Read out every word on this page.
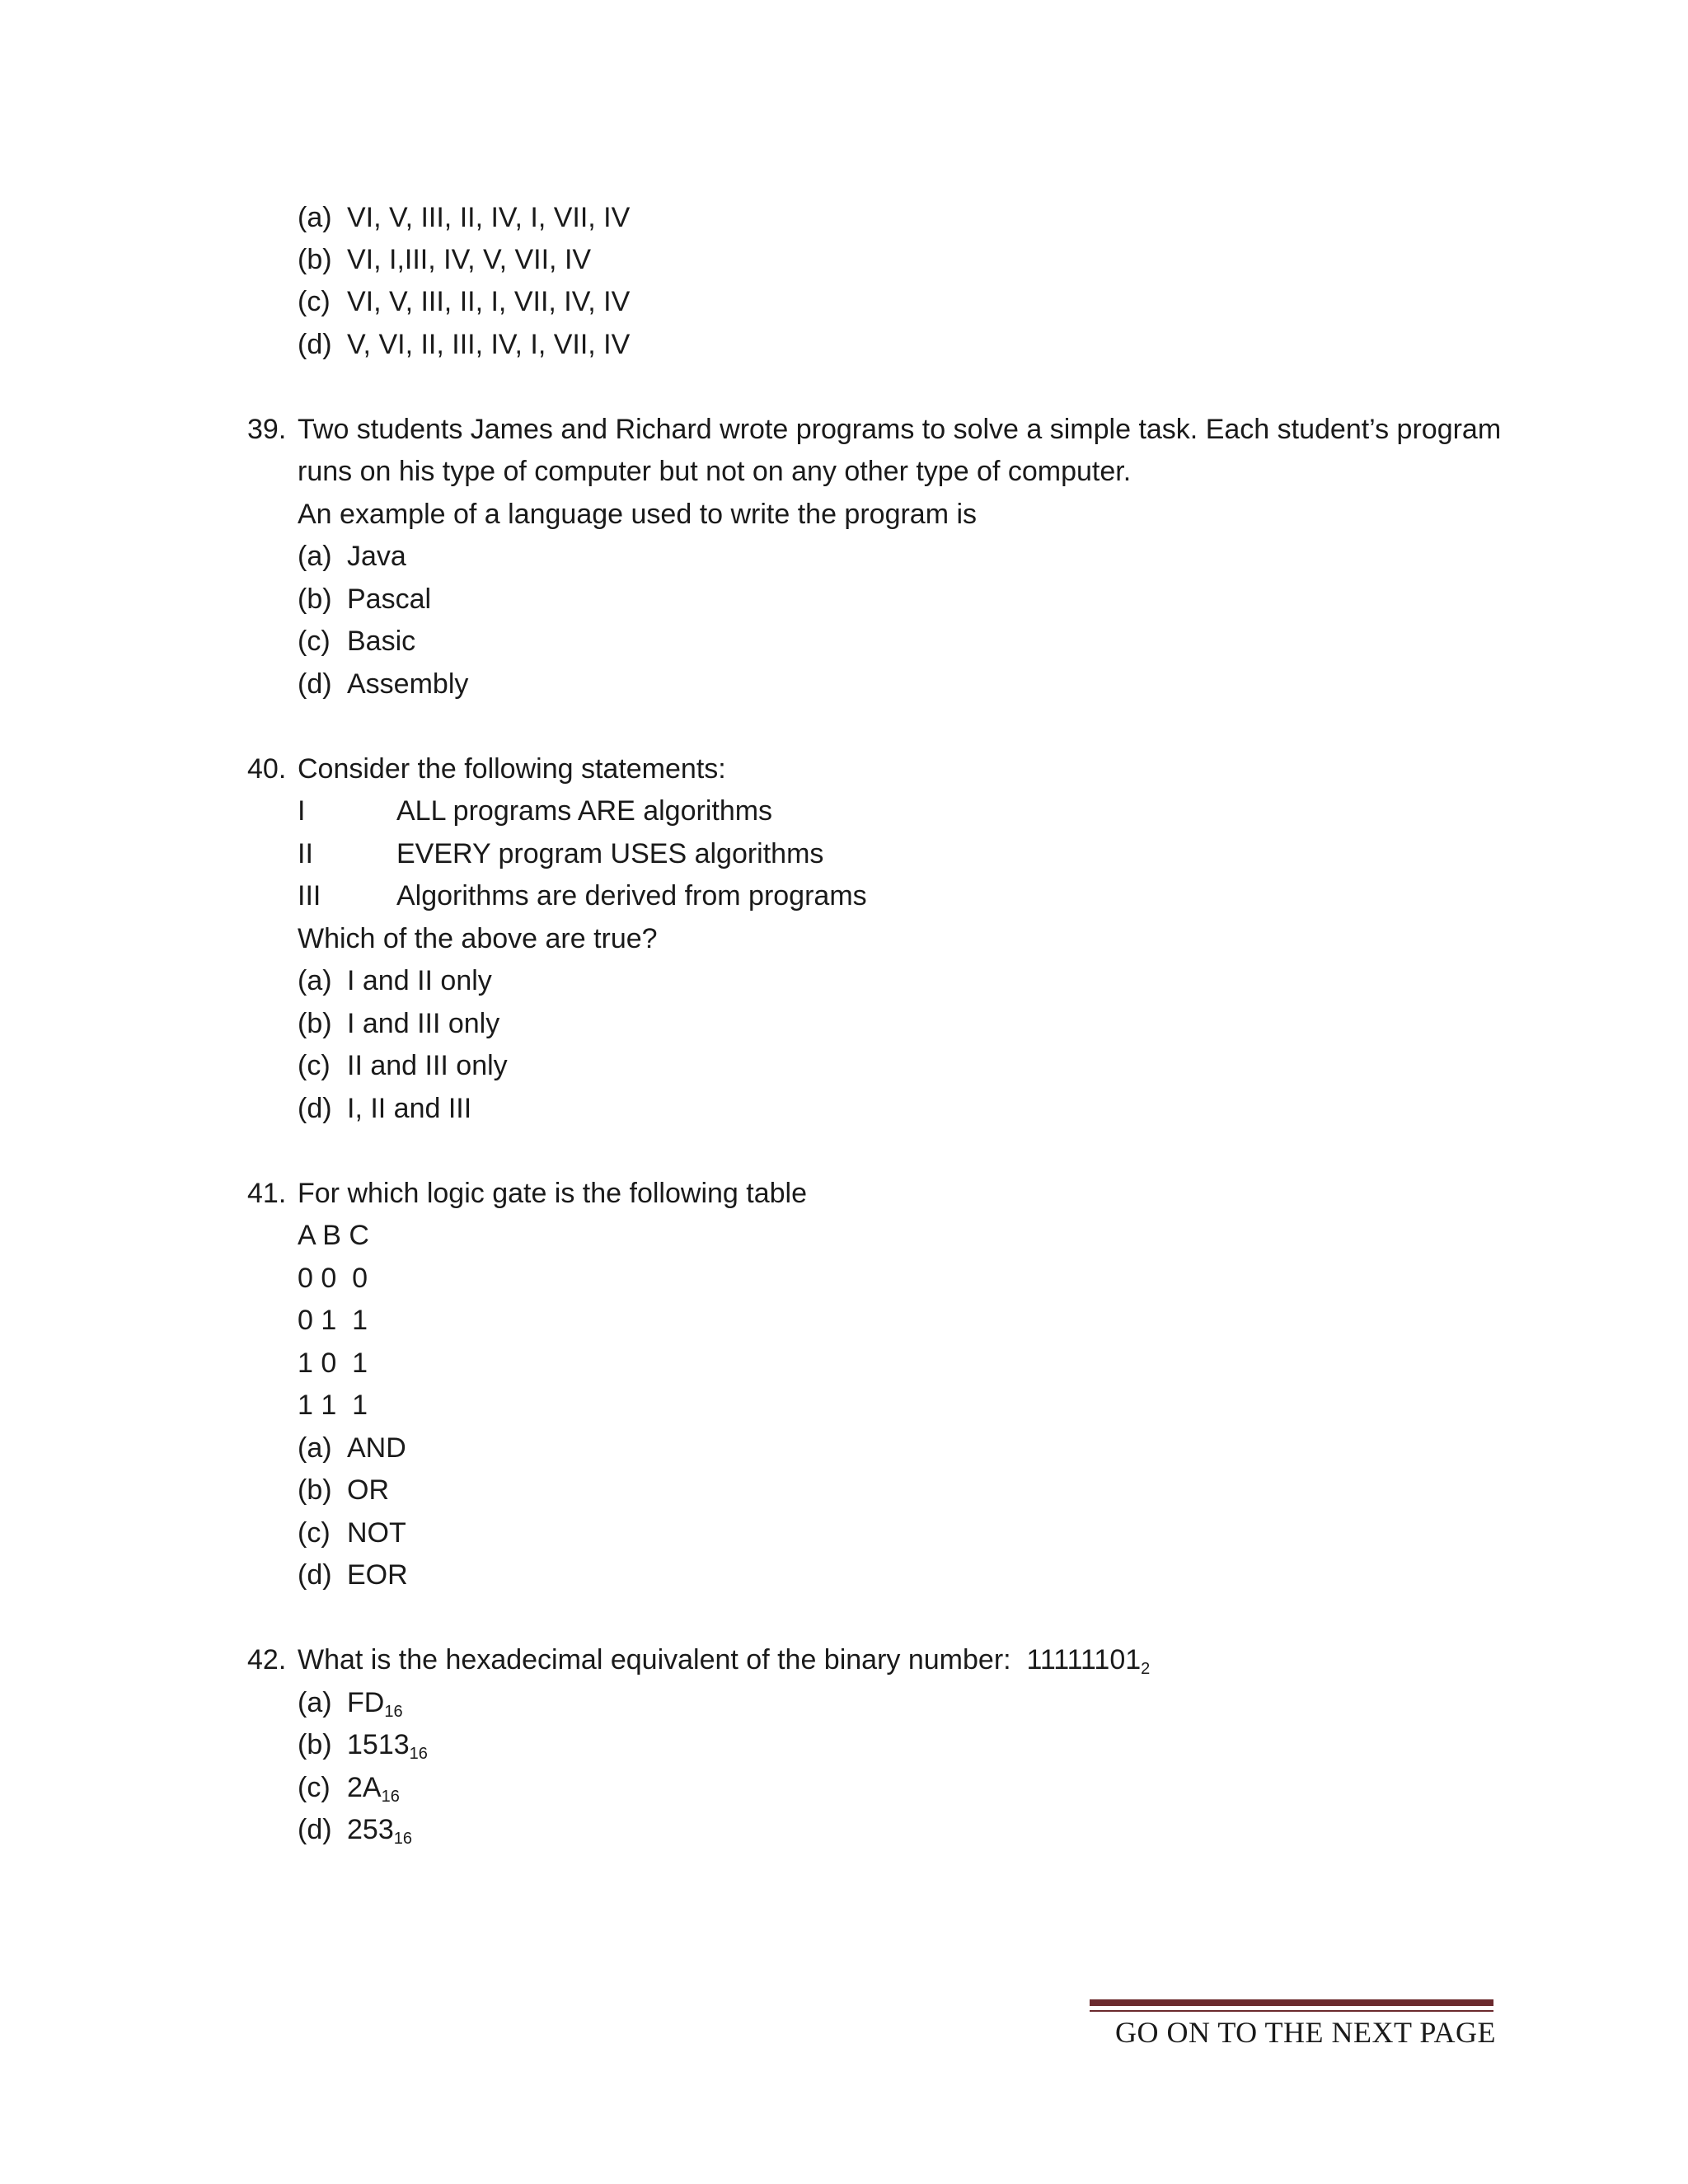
(a) VI, V, III, II, IV, I, VII, IV
(b) VI, I,III, IV, V, VII, IV
(c) VI, V, III, II, I, VII, IV, IV
(d) V, VI, II, III, IV, I, VII, IV
39. Two students James and Richard wrote programs to solve a simple task. Each student’s program
runs on his type of computer but not on any other type of computer.
An example of a language used to write the program is
(a) Java
(b) Pascal
(c) Basic
(d) Assembly
40. Consider the following statements:
I	ALL programs ARE algorithms
II	EVERY program USES algorithms
III	Algorithms are derived from programs
Which of the above are true?
(a) I and II only
(b) I and III only
(c) II and III only
(d) I, II and III
41. For which logic gate is the following table
A B C
0 0  0
0 1  1
1 0  1
1 1  1
(a) AND
(b) OR
(c) NOT
(d) EOR
42. What is the hexadecimal equivalent of the binary number:  $11111101_2$
(a) $FD_{16}$
(b) $1513_{16}$
(c) $2A_{16}$
(d) $253_{16}$
GO ON TO THE NEXT PAGE
